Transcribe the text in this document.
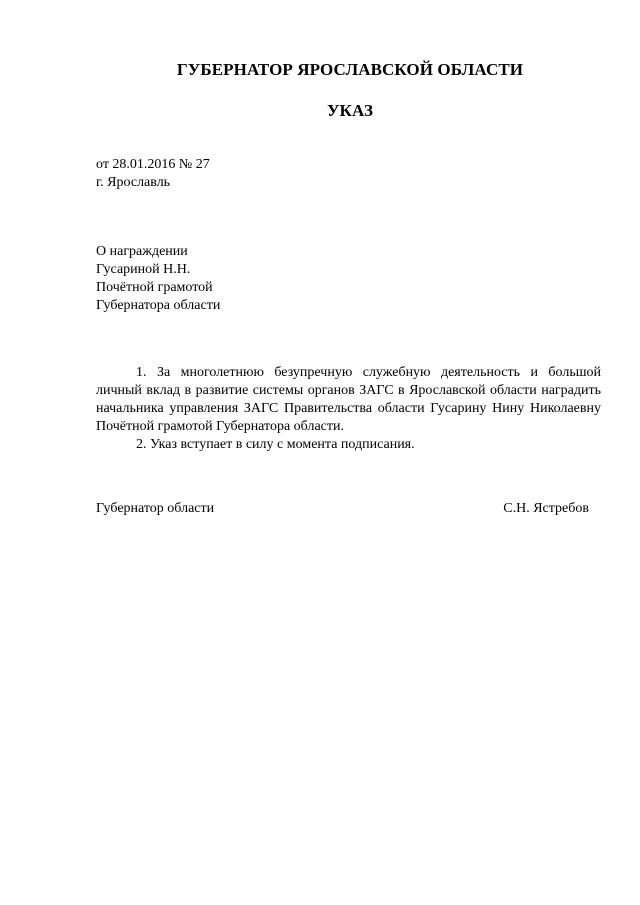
ГУБЕРНАТОР ЯРОСЛАВСКОЙ ОБЛАСТИ
УКАЗ
от 28.01.2016 № 27
г. Ярославль
О награждении
Гусариной Н.Н.
Почётной грамотой
Губернатора области

1. За многолетнюю безупречную служебную деятельность и большой личный вклад в развитие системы органов ЗАГС в Ярославской области наградить начальника управления ЗАГС Правительства области Гусарину Нину Николаевну Почётной грамотой Губернатора области.

2. Указ вступает в силу с момента подписания.

Губернатор области	С.Н. Ястребов
